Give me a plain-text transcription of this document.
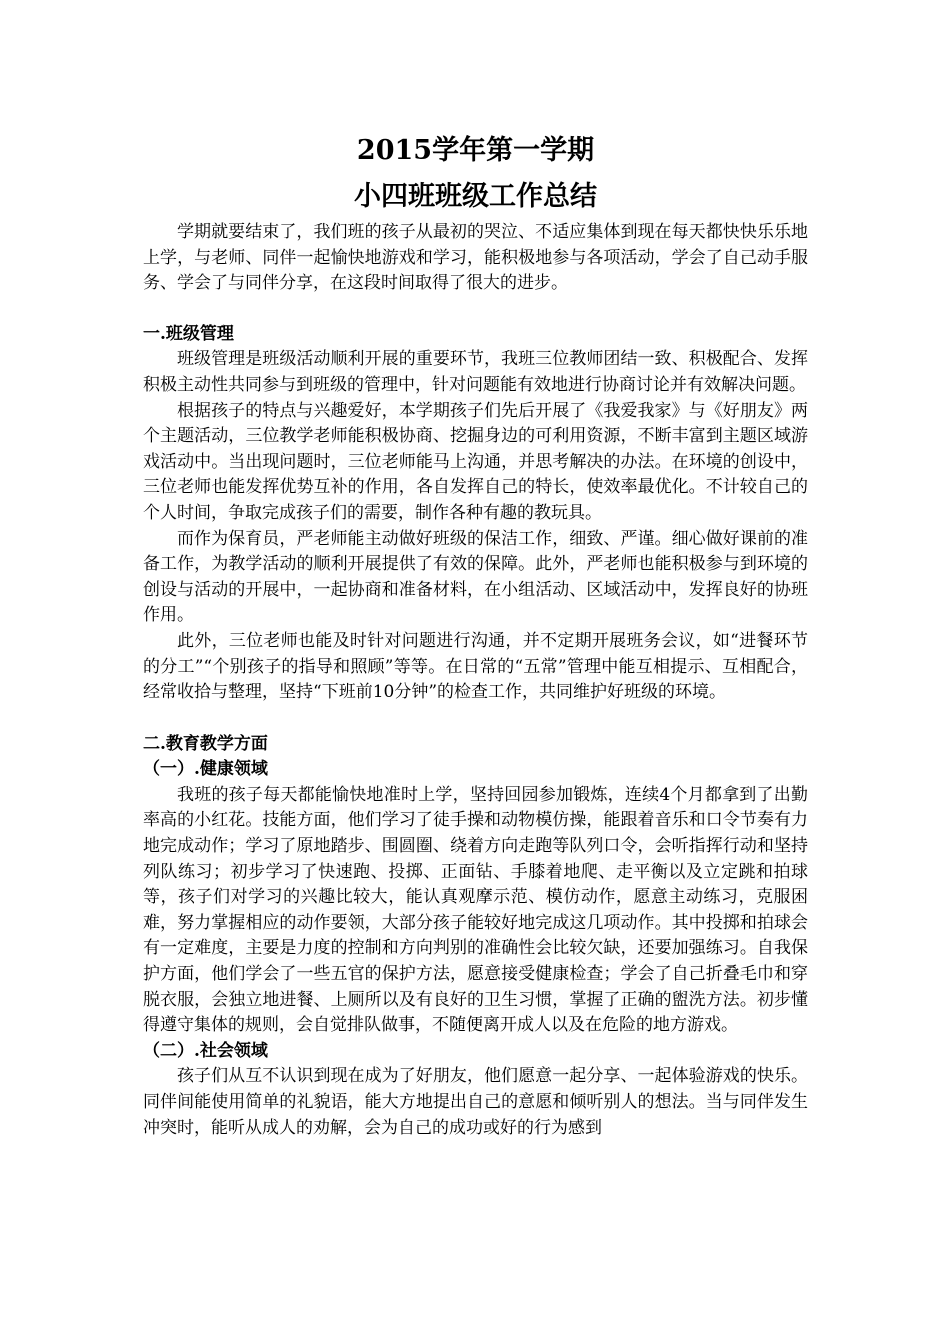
2015学年第一学期
小四班班级工作总结

学期就要结束了，我们班的孩子从最初的哭泣、不适应集体到现在每天都快快乐乐地上学，与老师、同伴一起愉快地游戏和学习，能积极地参与各项活动，学会了自己动手服务、学会了与同伴分享，在这段时间取得了很大的进步。

一.班级管理

班级管理是班级活动顺利开展的重要环节，我班三位教师团结一致、积极配合、发挥积极主动性共同参与到班级的管理中，针对问题能有效地进行协商讨论并有效解决问题。

根据孩子的特点与兴趣爱好，本学期孩子们先后开展了《我爱我家》与《好朋友》两个主题活动，三位教学老师能积极协商、挖掘身边的可利用资源，不断丰富到主题区域游戏活动中。当出现问题时，三位老师能马上沟通，并思考解决的办法。在环境的创设中，三位老师也能发挥优势互补的作用，各自发挥自己的特长，使效率最优化。不计较自己的个人时间，争取完成孩子们的需要，制作各种有趣的教玩具。

而作为保育员，严老师能主动做好班级的保洁工作，细致、严谨。细心做好课前的准备工作，为教学活动的顺利开展提供了有效的保障。此外，严老师也能积极参与到环境的创设与活动的开展中，一起协商和准备材料，在小组活动、区域活动中，发挥良好的协班作用。

此外，三位老师也能及时针对问题进行沟通，并不定期开展班务会议，如“进餐环节的分工”“个别孩子的指导和照顾”等等。在日常的“五常”管理中能互相提示、互相配合，经常收拾与整理，坚持“下班前10分钟”的检查工作，共同维护好班级的环境。

二.教育教学方面

（一）.健康领域

我班的孩子每天都能愉快地准时上学，坚持回园参加锻炼，连续4个月都拿到了出勤率高的小红花。技能方面，他们学习了徒手操和动物模仿操，能跟着音乐和口令节奏有力地完成动作；学习了原地踏步、围圆圈、绕着方向走跑等队列口令，会听指挥行动和坚持列队练习；初步学习了快速跑、投掷、正面钻、手膝着地爬、走平衡以及立定跳和拍球等，孩子们对学习的兴趣比较大，能认真观摩示范、模仿动作，愿意主动练习，克服困难，努力掌握相应的动作要领，大部分孩子能较好地完成这几项动作。其中投掷和拍球会有一定难度，主要是力度的控制和方向判别的准确性会比较欠缺，还要加强练习。自我保护方面，他们学会了一些五官的保护方法，愿意接受健康检查；学会了自己折叠毛巾和穿脱衣服，会独立地进餐、上厕所以及有良好的卫生习惯，掌握了正确的盥洗方法。初步懂得遵守集体的规则，会自觉排队做事，不随便离开成人以及在危险的地方游戏。

（二）.社会领域

孩子们从互不认识到现在成为了好朋友，他们愿意一起分享、一起体验游戏的快乐。同伴间能使用简单的礼貌语，能大方地提出自己的意愿和倾听别人的想法。当与同伴发生冲突时，能听从成人的劝解，会为自己的成功或好的行为感到
